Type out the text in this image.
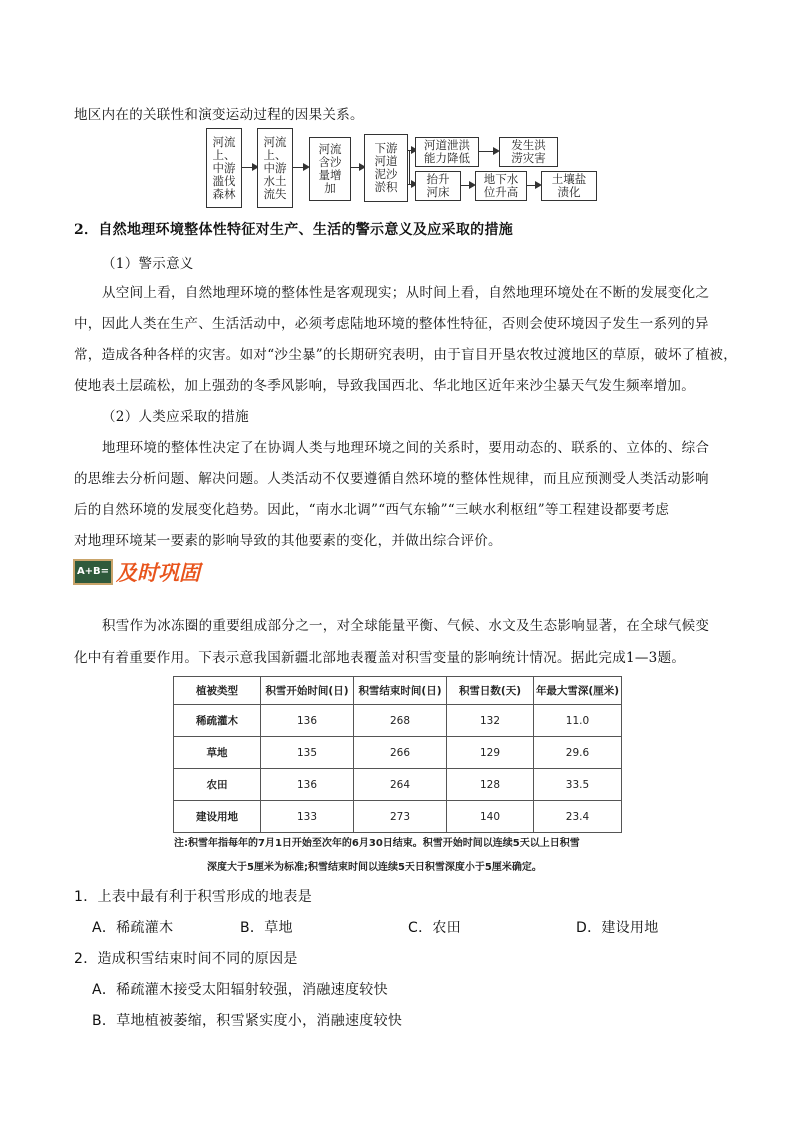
地区内在的关联性和演变运动过程的因果关系。
河流
上、
中游
滥伐
森林
河流
上、
中游
水土
流失
河流
含沙
量增
加
下游
河道
泥沙
淤积
河道泄洪
能力降低
发生洪
涝灾害
抬升
河床
地下水
位升高
土壤盐
渍化
2．自然地理环境整体性特征对生产、生活的警示意义及应采取的措施
（1）警示意义
从空间上看，自然地理环境的整体性是客观现实；从时间上看，自然地理环境处在不断的发展变化之
中，因此人类在生产、生活活动中，必须考虑陆地环境的整体性特征，否则会使环境因子发生一系列的异
常，造成各种各样的灾害。如对“沙尘暴”的长期研究表明，由于盲目开垦农牧过渡地区的草原，破坏了植被，
使地表土层疏松，加上强劲的冬季风影响，导致我国西北、华北地区近年来沙尘暴天气发生频率增加。
（2）人类应采取的措施
地理环境的整体性决定了在协调人类与地理环境之间的关系时，要用动态的、联系的、立体的、综合
的思维去分析问题、解决问题。人类活动不仅要遵循自然环境的整体性规律，而且应预测受人类活动影响
后的自然环境的发展变化趋势。因此，“南水北调”“西气东输”“三峡水利枢纽”等工程建设都要考虑
对地理环境某一要素的影响导致的其他要素的变化，并做出综合评价。
A+B= 及时巩固
积雪作为冰冻圈的重要组成部分之一，对全球能量平衡、气候、水文及生态影响显著，在全球气候变
化中有着重要作用。下表示意我国新疆北部地表覆盖对积雪变量的影响统计情况。据此完成1—3题。
植被类型	积雪开始时间(日)	积雪结束时间(日)	积雪日数(天)	年最大雪深(厘米)
稀疏灌木	136	268	132	11.0
草地	135	266	129	29.6
农田	136	264	128	33.5
建设用地	133	273	140	23.4
注:积雪年指每年的7月1日开始至次年的6月30日结束。积雪开始时间以连续5天以上日积雪
深度大于5厘米为标准;积雪结束时间以连续5天日积雪深度小于5厘米确定。
1．上表中最有利于积雪形成的地表是
A．稀疏灌木	B．草地	C．农田	D．建设用地
2．造成积雪结束时间不同的原因是
A．稀疏灌木接受太阳辐射较强，消融速度较快
B．草地植被萎缩，积雪紧实度小，消融速度较快
